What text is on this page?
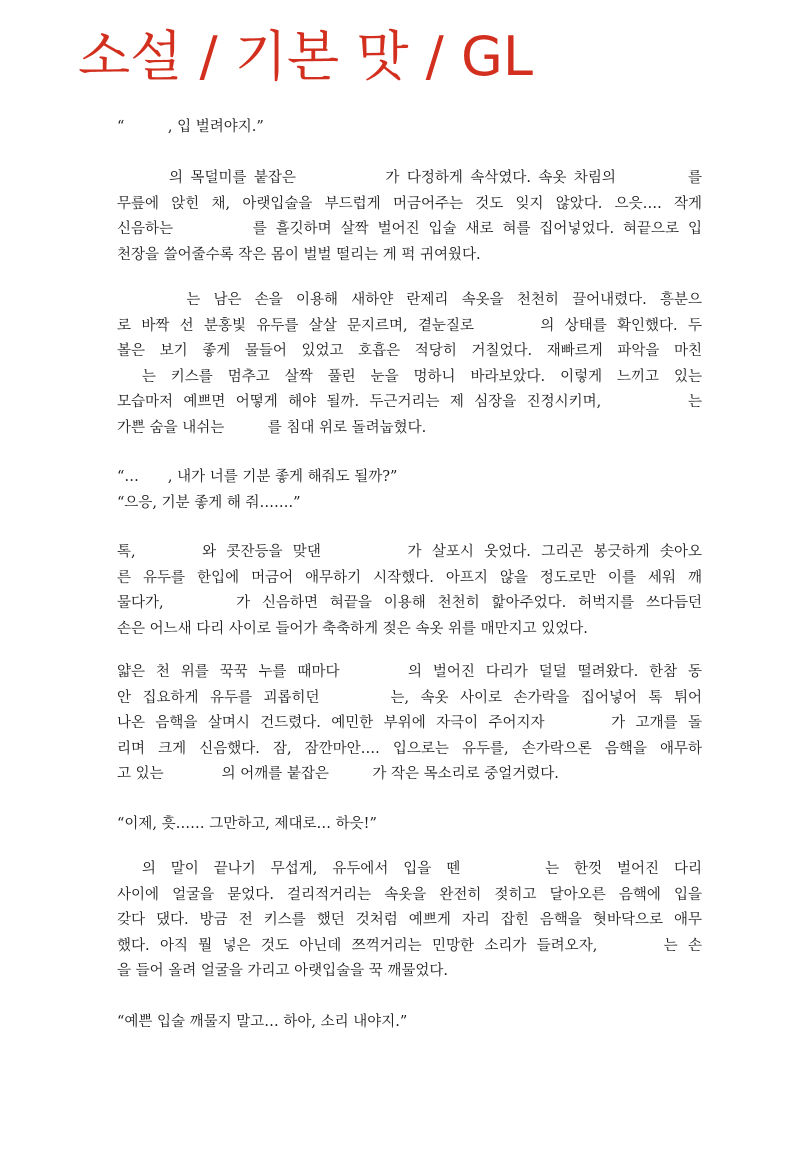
소설 / 기본 맛 / GL
“　　　, 입 벌려야지.”
　　　의 목덜미를 붙잡은　　　　　가 다정하게 속삭였다. 속옷 차림의　　　　를
무릎에 앉힌 채, 아랫입술을 부드럽게 머금어주는 것도 잊지 않았다. 으읏…. 작게
신음하는　　　　를 흘깃하며 살짝 벌어진 입술 새로 혀를 집어넣었다. 혀끝으로 입
천장을 쓸어줄수록 작은 몸이 벌벌 떨리는 게 퍽 귀여웠다.
　　　는 남은 손을 이용해 새하얀 란제리 속옷을 천천히 끌어내렸다. 흥분으
로 바짝 선 분홍빛 유두를 살살 문지르며, 곁눈질로　　　의 상태를 확인했다. 두
볼은 보기 좋게 물들어 있었고 호흡은 적당히 거칠었다. 재빠르게 파악을 마친
　는 키스를 멈추고 살짝 풀린 눈을 멍하니 바라보았다. 이렇게 느끼고 있는
모습마저 예쁘면 어떻게 해야 될까. 두근거리는 제 심장을 진정시키며,　　　　는
가쁜 숨을 내쉬는　　　를 침대 위로 돌려눕혔다.
“…　　, 내가 너를 기분 좋게 해줘도 될까?”
“으응, 기분 좋게 해 줘…….”
톡,　　　와 콧잔등을 맞댄　　　　가 살포시 웃었다. 그리곤 봉긋하게 솟아오
른 유두를 한입에 머금어 애무하기 시작했다. 아프지 않을 정도로만 이를 세워 깨
물다가,　　　가 신음하면 혀끝을 이용해 천천히 핥아주었다. 허벅지를 쓰다듬던
손은 어느새 다리 사이로 들어가 축축하게 젖은 속옷 위를 매만지고 있었다.
얇은 천 위를 꾹꾹 누를 때마다　　　의 벌어진 다리가 덜덜 떨려왔다. 한참 동
안 집요하게 유두를 괴롭히던　　　는, 속옷 사이로 손가락을 집어넣어 톡 튀어
나온 음핵을 살며시 건드렸다. 예민한 부위에 자극이 주어지자　　　가 고개를 돌
리며 크게 신음했다. 잠, 잠깐마안…. 입으로는 유두를, 손가락으론 음핵을 애무하
고 있는　　　　의 어깨를 붙잡은　　　가 작은 목소리로 중얼거렸다.
“이제, 흣…… 그만하고, 제대로… 하읏!”
　의 말이 끝나기 무섭게, 유두에서 입을 뗀　　　는 한껏 벌어진 다리
사이에 얼굴을 묻었다. 걸리적거리는 속옷을 완전히 젖히고 달아오른 음핵에 입을
갖다 댔다. 방금 전 키스를 했던 것처럼 예쁘게 자리 잡힌 음핵을 혓바닥으로 애무
했다. 아직 뭘 넣은 것도 아닌데 쯔꺽거리는 민망한 소리가 들려오자,　　　는 손
을 들어 올려 얼굴을 가리고 아랫입술을 꾹 깨물었다.
“예쁜 입술 깨물지 말고… 하아, 소리 내야지.”
